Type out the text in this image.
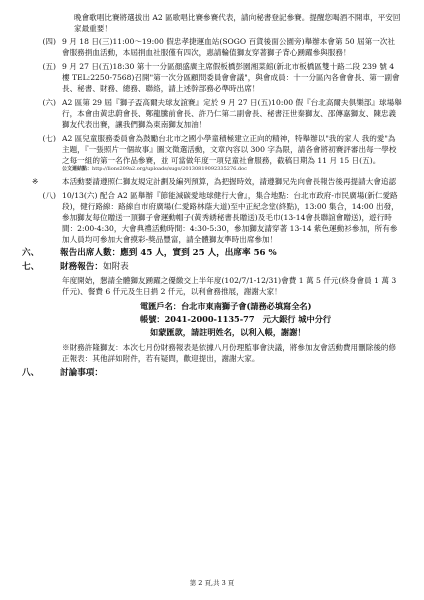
晚會歌唱比賽將選拔出 A2 區歌唱比賽參賽代表，請向秘書登記參賽。提醒您喝酒不開車，平安回家最重要！
(四) 9 月 18 日(三)11:00～19:00 假忠孝捷運血站(SOGO 百貨後面公園旁)舉辦本會第 50 屆第一次社會服務捐血活動，本屆捐血社服僅有四次，惠請輪值獅友穿著獅子背心踴躍參與服務！
(五) 9 月 27 日(五)18:30 第十一分區顏盛廣主席假板橋彭園湘菜館(新北市板橋區雙十路二段 239 號 4 樓 TEL:2250-7568)召開"第一次分區顧問委員會會議"，與會成員：十一分區內各會會長、第一副會長、秘書、財務、總務、聯絡，請上述幹部務必準時出席！
(六) A2 區第 29 屆『獅子盃高爾夫球友誼賽』定於 9 月 27 日(五)10:00 假『台北高爾夫俱樂部』球場舉行，本會由黃忠蔚會長、鄭龍騰前會長、許乃仁第二副會長、秘書汪世秦獅友、邵傳嘉獅友、陳忠義獅友代表出賽，讓我們獅為東南獅友加油！
(七) A2 區兒童服務委員會為鼓勵台北市之國小學童積極建立正向的精神，特舉辦以"我的家人 我的愛"為主題，『一張照片一個故事』圖文徵選活動，文章內容以 300 字為限，請各會將初賽評審出每一學校之每一組的第一名作品參賽，並 可當做年度一項兒童社會服務，截稿日期為 11 月 15 日(五)。
公文連結點：http://lions209a2.org/uploads/sugo/20130819092335276.doc
※	本活動要請遵照仁獅友規定計劃及編列預算，為把握時效，請遵獅兄先向會長報告後再提請大會追認
(八) 10/13(六) 配合 A2 區舉辦『節能減碳愛地球健行大會』，集合地點：台北市政府-市民廣場(新仁愛路段)，健行路線：路線自市府廣場(仁愛路林蔭大道)至中正紀念堂(終點)，13:00 集合，14:00 出發，參加獅友每位贈送一頂獅子會運動帽子(黃秀綉秘書長贈送)及毛巾(13-14會長聯誼會贈送)，遊行時間：2:00-4:30，大會典禮活動時間：4:30-5:30，參加獅友請穿著 13-14 紫色運動衫參加，所有參加人員均可參加大會摸彩-獎品豐富，請全體獅友準時出席參加！
六、	報告出席人數：應到 45 人，實到 25 人，出席率 56 %
七、	財務報告： 如附表
年度開始，懇請全體獅友踴躍之優繳交上半年度(102/7/1-12/31)會費 1 萬 5 仟元(終身會員 1 萬 3 仟元)、餐費 6 仟元及生日捐 2 仟元，以利會務推展，謝謝大家！
電匯戶名：台北市東南獅子會(請務必填寫全名)
帳號：2041-2000-1135-77　元大銀行 城中分行
如蒙匯款，請註明姓名，以利入帳，謝謝！
※財務許隆獅友：本次七月份財務報表是依據八月份理監事會決議，將參加友會活動費用刪除後的修正報表：其他詳如附件，若有疑問，歡迎提出，謝謝大家。
八、	討論事項：
第 2 頁,共 3 頁
